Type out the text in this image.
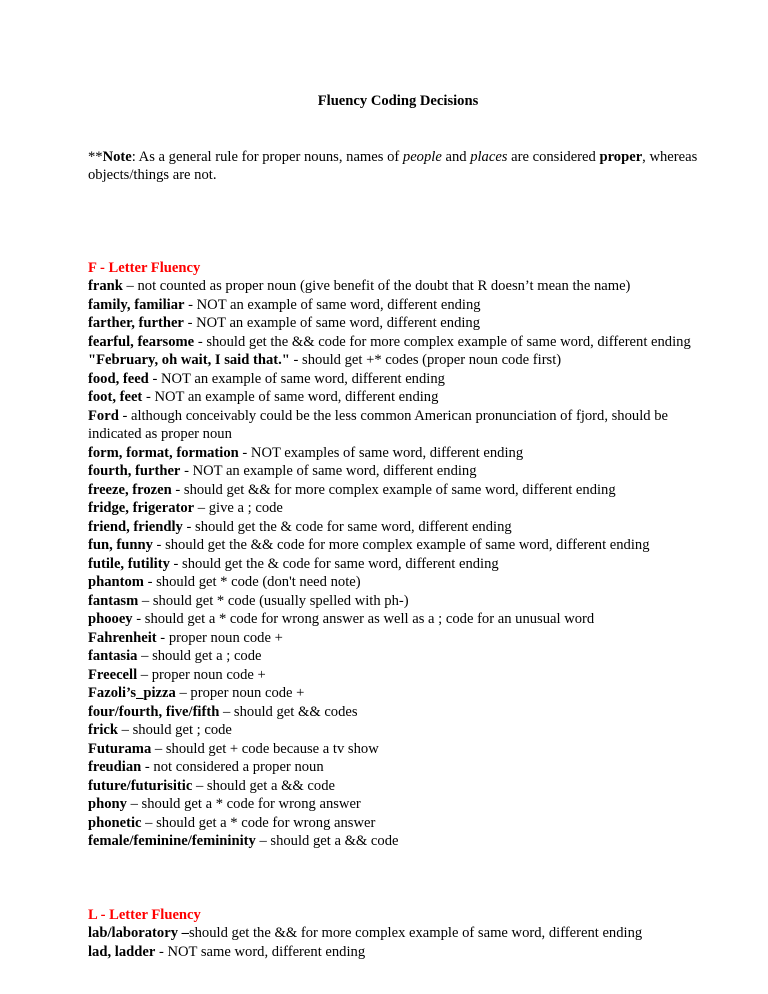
Fluency Coding Decisions
**Note: As a general rule for proper nouns, names of people and places are considered proper, whereas objects/things are not.
F - Letter Fluency
frank – not counted as proper noun (give benefit of the doubt that R doesn’t mean the name)
family, familiar - NOT an example of same word, different ending
farther, further - NOT an example of same word, different ending
fearful, fearsome - should get the && code for more complex example of same word, different ending
"February, oh wait, I said that." - should get +* codes (proper noun code first)
food, feed - NOT an example of same word, different ending
foot, feet - NOT an example of same word, different ending
Ford - although conceivably could be the less common American pronunciation of fjord, should be indicated as proper noun
form, format, formation - NOT examples of same word, different ending
fourth, further - NOT an example of same word, different ending
freeze, frozen - should get && for more complex example of same word, different ending
fridge, frigerator – give a ; code
friend, friendly - should get the & code for same word, different ending
fun, funny - should get the && code for more complex example of same word, different ending
futile, futility - should get the & code for same word, different ending
phantom - should get * code (don't need note)
fantasm – should get * code (usually spelled with ph-)
phooey - should get a * code for wrong answer as well as a ; code for an unusual word
Fahrenheit - proper noun code +
fantasia – should get a ; code
Freecell – proper noun code +
Fazoli’s_pizza – proper noun code +
four/fourth, five/fifth – should get && codes
frick – should get ; code
Futurama – should get + code because a tv show
freudian - not considered a proper noun
future/futurisitic – should get a && code
phony – should get a * code for wrong answer
phonetic – should get a * code for wrong answer
female/feminine/femininity – should get a && code
L - Letter Fluency
lab/laboratory –should get the && for more complex example of same word, different ending
lad, ladder - NOT same word, different ending
